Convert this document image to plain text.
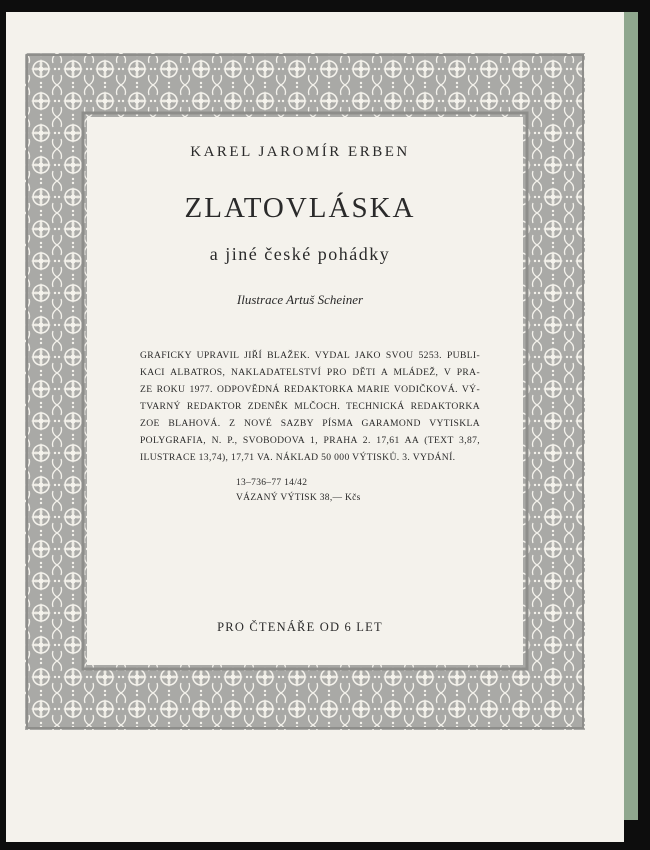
KAREL JAROMÍR ERBEN

ZLATOVLÁSKA

a jiné české pohádky

Ilustrace Artuš Scheiner

GRAFICKY UPRAVIL JIŘÍ BLAŽEK. VYDAL JAKO SVOU 5253. PUBLI-
KACI ALBATROS, NAKLADATELSTVÍ PRO DĚTI A MLÁDEŽ, V PRA-
ZE ROKU 1977. ODPOVĚDNÁ REDAKTORKA MARIE VODIČKOVÁ. VÝ-
TVARNÝ REDAKTOR ZDENĚK MLČOCH. TECHNICKÁ REDAKTORKA
ZOE BLAHOVÁ. Z NOVÉ SAZBY PÍSMA GARAMOND VYTISKLA
POLYGRAFIA, N. P., SVOBODOVA 1, PRAHA 2. 17,61 AA (TEXT 3,87,
ILUSTRACE 13,74), 17,71 VA. NÁKLAD 50 000 VÝTISKŮ. 3. VYDÁNÍ.
13–736–77 14/42
VÁZANÝ VÝTISK 38,— Kčs

PRO ČTENÁŘE OD 6 LET
